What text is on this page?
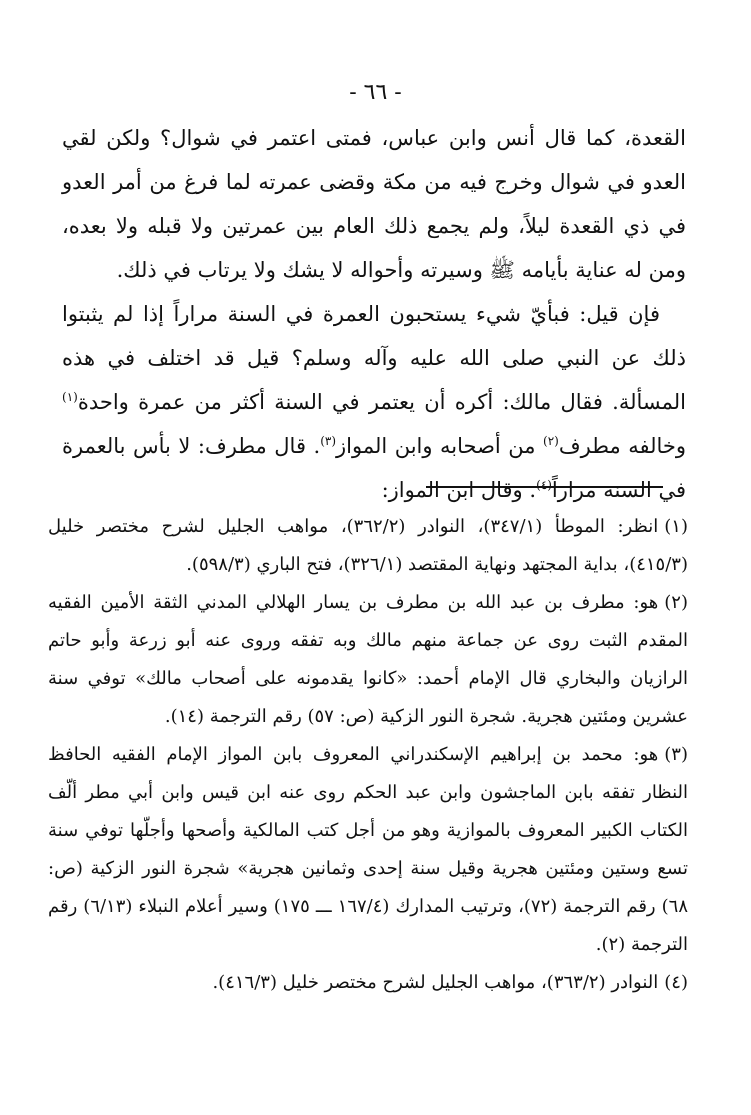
- ٦٦ -

القعدة، كما قال أنس وابن عباس، فمتى اعتمر في شوال؟ ولكن لقي العدو في شوال وخرج فيه من مكة وقضى عمرته لما فرغ من أمر العدو في ذي القعدة ليلاً، ولم يجمع ذلك العام بين عمرتين ولا قبله ولا بعده، ومن له عناية بأيامه ﷺ وسيرته وأحواله لا يشك ولا يرتاب في ذلك.

فإن قيل: فبأيّ شيء يستحبون العمرة في السنة مراراً إذا لم يثبتوا ذلك عن النبي صلى الله عليه وآله وسلم؟ قيل قد اختلف في هذه المسألة. فقال مالك: أكره أن يعتمر في السنة أكثر من عمرة واحدة$^{(١)}$ وخالفه مطرف$^{(٢)}$ من أصحابه وابن المواز$^{(٣)}$. قال مطرف: لا بأس بالعمرة في السنة مراراً$^{(٤)}$. وقال ابن المواز:

(١)انظر: الموطأ (٣٤٧/١)، النوادر (٣٦٢/٢)، مواهب الجليل لشرح مختصر خليل (٤١٥/٣)، بداية المجتهد ونهاية المقتصد (٣٢٦/١)، فتح الباري (٥٩٨/٣).

(٢)هو: مطرف بن عبد الله بن مطرف بن يسار الهلالي المدني الثقة الأمين الفقيه المقدم الثبت روى عن جماعة منهم مالك وبه تفقه وروى عنه أبو زرعة وأبو حاتم الرازيان والبخاري قال الإمام أحمد: «كانوا يقدمونه على أصحاب مالك» توفي سنة عشرين ومئتين هجرية. شجرة النور الزكية (ص: ٥٧) رقم الترجمة (١٤).

(٣)هو: محمد بن إبراهيم الإسكندراني المعروف بابن المواز الإمام الفقيه الحافظ النظار تفقه بابن الماجشون وابن عبد الحكم روى عنه ابن قيس وابن أبي مطر ألّف الكتاب الكبير المعروف بالموازية وهو من أجل كتب المالكية وأصحها وأجلّها توفي سنة تسع وستين ومئتين هجرية وقيل سنة إحدى وثمانين هجرية» شجرة النور الزكية (ص: ٦٨) رقم الترجمة (٧٢)، وترتيب المدارك (١٦٧/٤ ـــ ١٧٥) وسير أعلام النبلاء (٦/١٣) رقم الترجمة (٢).

(٤)النوادر (٣٦٣/٢)، مواهب الجليل لشرح مختصر خليل (٤١٦/٣).
